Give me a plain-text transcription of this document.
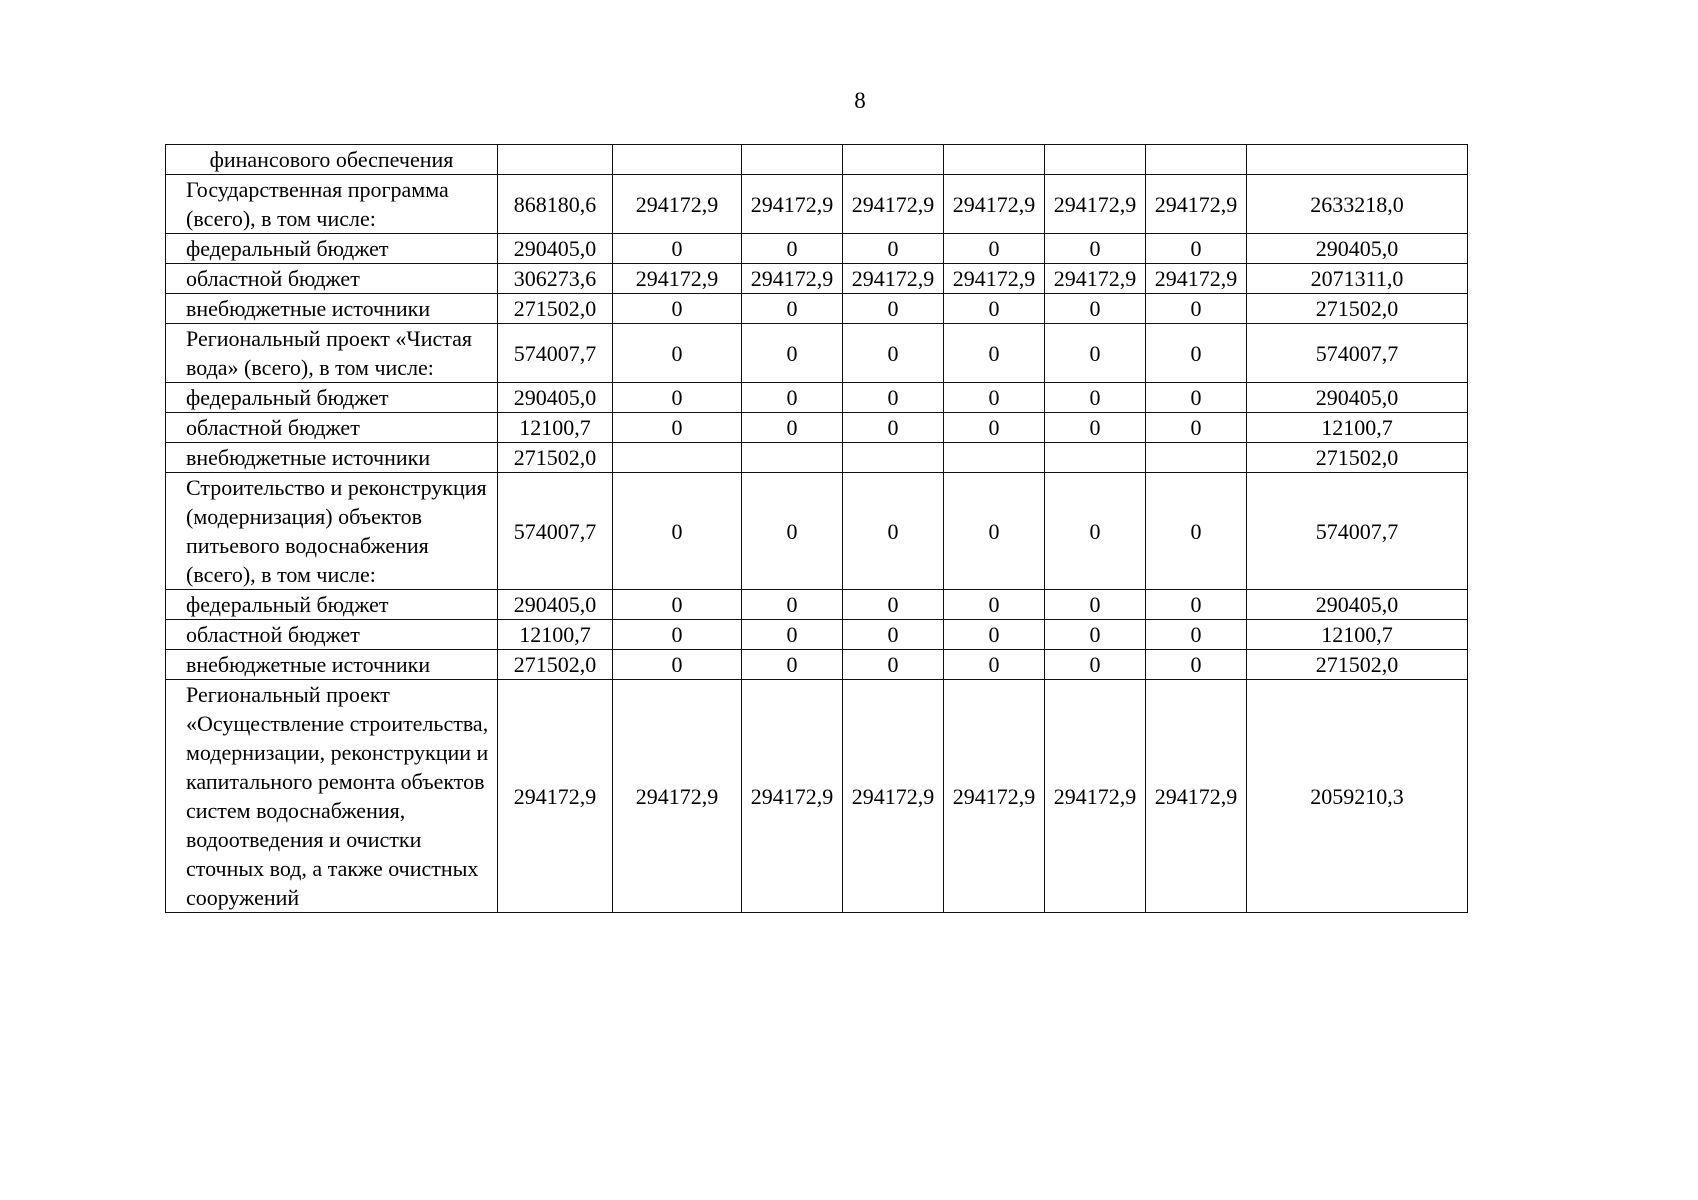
8
финансового обеспечения								
Государственная программа (всего), в том числе:	868180,6	294172,9	294172,9	294172,9	294172,9	294172,9	294172,9	2633218,0
федеральный бюджет	290405,0	0	0	0	0	0	0	290405,0
областной бюджет	306273,6	294172,9	294172,9	294172,9	294172,9	294172,9	294172,9	2071311,0
внебюджетные источники	271502,0	0	0	0	0	0	0	271502,0
Региональный проект «Чистая вода» (всего), в том числе:	574007,7	0	0	0	0	0	0	574007,7
федеральный бюджет	290405,0	0	0	0	0	0	0	290405,0
областной бюджет	12100,7	0	0	0	0	0	0	12100,7
внебюджетные источники	271502,0							271502,0
Строительство и реконструкция (модернизация) объектов питьевого водоснабжения (всего), в том числе:	574007,7	0	0	0	0	0	0	574007,7
федеральный бюджет	290405,0	0	0	0	0	0	0	290405,0
областной бюджет	12100,7	0	0	0	0	0	0	12100,7
внебюджетные источники	271502,0	0	0	0	0	0	0	271502,0
Региональный проект «Осуществление строительства, модернизации, реконструкции и капитального ремонта объектов систем водоснабжения, водоотведения и очистки сточных вод, а также очистных сооружений	294172,9	294172,9	294172,9	294172,9	294172,9	294172,9	294172,9	2059210,3
